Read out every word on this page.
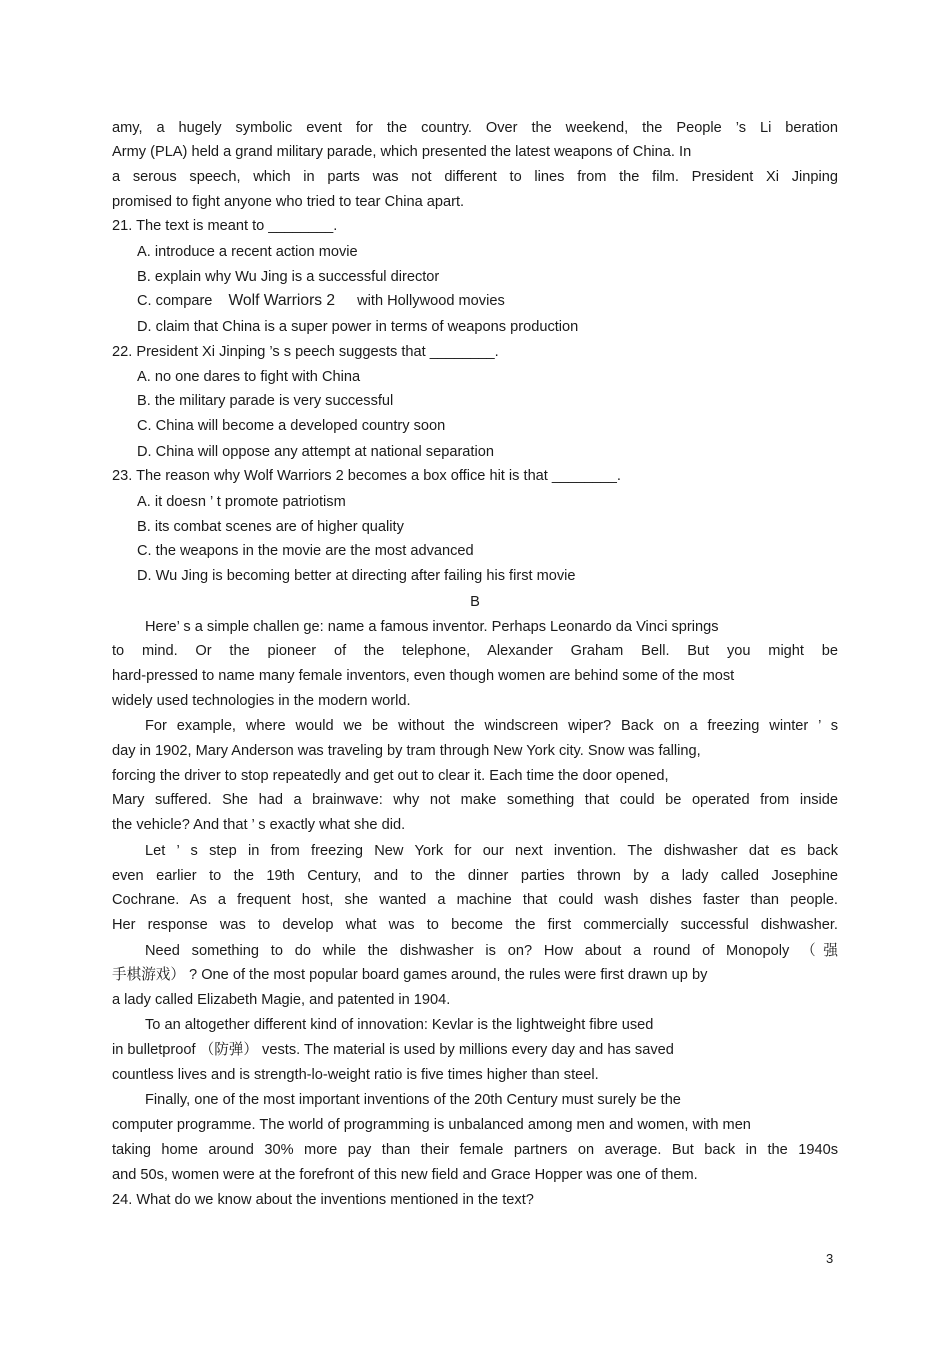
amy, a hugely symbolic event for the country. Over the weekend, the People ’s Li beration
Army (PLA) held a grand military parade, which presented the latest weapons of China. In
a serous speech, which in parts was not different to lines from the film. President Xi Jinping
promised to fight anyone who tried to tear China apart.
21. The text is meant to ________.
A. introduce a recent action movie
B. explain why Wu Jing is a successful director
C. compare Wolf Warriors 2 with Hollywood movies
D. claim that China is a super power in terms of weapons production
22. President Xi Jinping ’s s peech suggests that ________.
A. no one dares to fight with China
B. the military parade is very successful
C. China will become a developed country soon
D. China will oppose any attempt at national separation
23. The reason why Wolf Warriors 2 becomes a box office hit is that ________.
A. it doesn ’ t promote patriotism
B. its combat scenes are of higher quality
C. the weapons in the movie are the most advanced
D. Wu Jing is becoming better at directing after failing his first movie
B
Here’ s a simple challen ge: name a famous inventor. Perhaps Leonardo da Vinci springs
to mind. Or the pioneer of the telephone, Alexander Graham Bell. But you might be
hard-pressed to name many female inventors, even though women are behind some of the most
widely used technologies in the modern world.
For example, where would we be without the windscreen wiper? Back on a freezing winter ’ s
day in 1902, Mary Anderson was traveling by tram through New York city. Snow was falling,
forcing the driver to stop repeatedly and get out to clear it. Each time the door opened,
Mary suffered. She had a brainwave: why not make something that could be operated from inside
the vehicle? And that ’ s exactly what she did.
Let ’ s step in from freezing New York for our next invention. The dishwasher dat es back
even earlier to the 19th Century, and to the dinner parties thrown by a lady called Josephine
Cochrane. As a frequent host, she wanted a machine that could wash dishes faster than people.
Her response was to develop what was to become the first commercially successful dishwasher.
Need something to do while the dishwasher is on? How about a round of Monopoly （强
手棋游戏） ? One of the most popular board games around, the rules were first drawn up by
a lady called Elizabeth Magie, and patented in 1904.
To an altogether different kind of innovation: Kevlar is the lightweight fibre used
in bulletproof （防弹） vests. The material is used by millions every day and has saved
countless lives and is strength-lo-weight ratio is five times higher than steel.
Finally, one of the most important inventions of the 20th Century must surely be the
computer programme. The world of programming is unbalanced among men and women, with men
taking home around 30% more pay than their female partners on average. But back in the 1940s
and 50s, women were at the forefront of this new field and Grace Hopper was one of them.
24. What do we know about the inventions mentioned in the text?
3
